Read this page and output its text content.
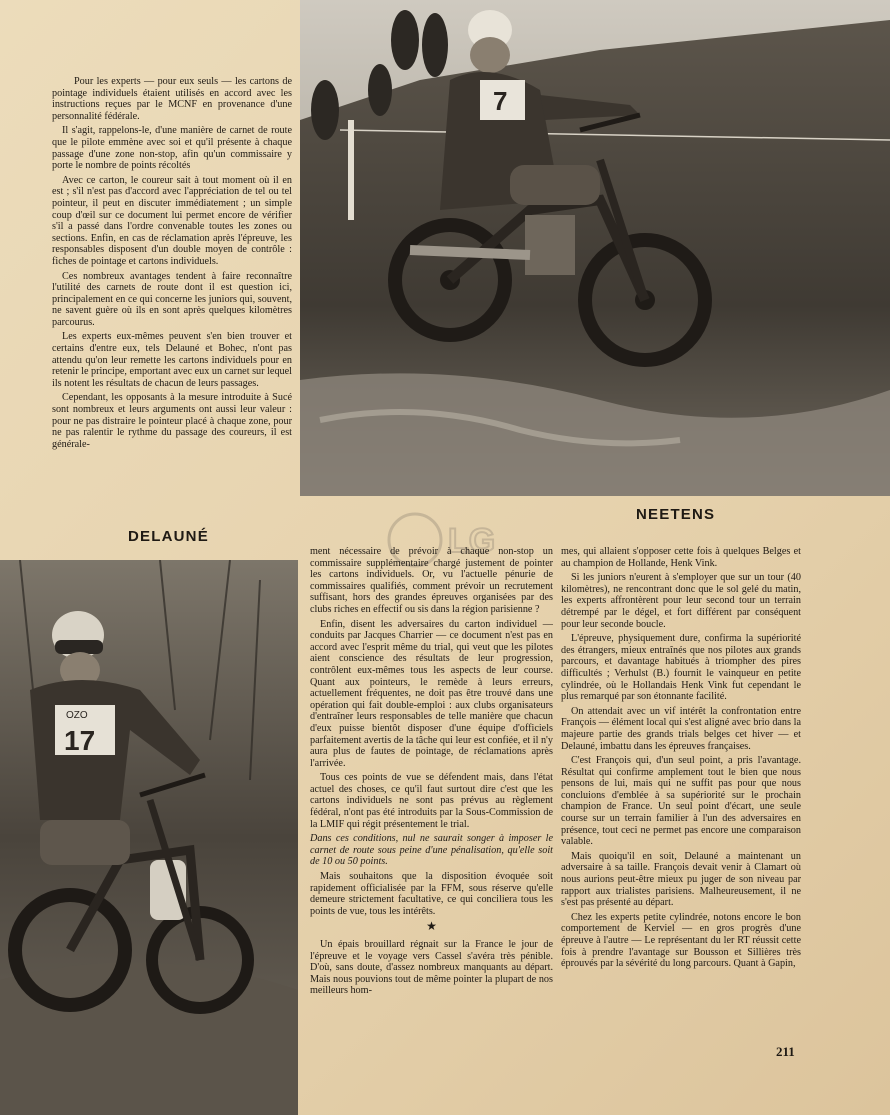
7

Pour les experts — pour eux seuls — les cartons de pointage individuels étaient utilisés en accord avec les instructions reçues par le MCNF en provenance d'une personnalité fédérale.

Il s'agit, rappelons-le, d'une manière de carnet de route que le pilote emmène avec soi et qu'il présente à chaque passage d'une zone non-stop, afin qu'un commissaire y porte le nombre de points récoltés

Avec ce carton, le coureur sait à tout moment où il en est ; s'il n'est pas d'accord avec l'appréciation de tel ou tel pointeur, il peut en discuter immédiatement ; un simple coup d'œil sur ce document lui permet encore de vérifier s'il a passé dans l'ordre convenable toutes les zones ou sections. Enfin, en cas de réclamation après l'épreuve, les responsables disposent d'un double moyen de contrôle : fiches de pointage et cartons individuels.

Ces nombreux avantages tendent à faire reconnaître l'utilité des carnets de route dont il est question ici, principalement en ce qui concerne les juniors qui, souvent, ne savent guère où ils en sont après quelques kilomètres parcourus.

Les experts eux-mêmes peuvent s'en bien trouver et certains d'entre eux, tels Delauné et Bohec, n'ont pas attendu qu'on leur remette les cartons individuels pour en retenir le principe, emportant avec eux un carnet sur lequel ils notent les résultats de chacun de leurs passages.

Cependant, les opposants à la mesure introduite à Sucé sont nombreux et leurs arguments ont aussi leur valeur : pour ne pas distraire le pointeur placé à chaque zone, pour ne pas ralentir le rythme du passage des coureurs, il est générale-

DELAUNÉ
NEETENS
LG
OZO
17

ment nécessaire de prévoir à chaque non-stop un commissaire supplémentaire chargé justement de pointer les cartons individuels. Or, vu l'actuelle pénurie de commissaires qualifiés, comment prévoir un recrutement suffisant, hors des grandes épreuves organisées par des clubs riches en effectif ou sis dans la région parisienne ?

Enfin, disent les adversaires du carton individuel — conduits par Jacques Charrier — ce document n'est pas en accord avec l'esprit même du trial, qui veut que les pilotes aient conscience des résultats de leur progression, contrôlent eux-mêmes tous les aspects de leur course. Quant aux pointeurs, le remède à leurs erreurs, actuellement fréquentes, ne doit pas être trouvé dans une opération qui fait double-emploi : aux clubs organisateurs d'entraîner leurs responsables de telle manière que chacun d'eux puisse bientôt disposer d'une équipe d'officiels parfaitement avertis de la tâche qui leur est confiée, et il n'y aura plus de fautes de pointage, de réclamations après l'arrivée.

Tous ces points de vue se défendent mais, dans l'état actuel des choses, ce qu'il faut surtout dire c'est que les cartons individuels ne sont pas prévus au règlement fédéral, n'ont pas été introduits par la Sous-Commission de la LMIF qui régit présentement le trial.

Dans ces conditions, nul ne saurait songer à imposer le carnet de route sous peine d'une pénalisation, qu'elle soit de 10 ou 50 points.

Mais souhaitons que la disposition évoquée soit rapidement officialisée par la FFM, sous réserve qu'elle demeure strictement facultative, ce qui conciliera tous les points de vue, tous les intérêts.

★

Un épais brouillard régnait sur la France le jour de l'épreuve et le voyage vers Cassel s'avéra très pénible. D'où, sans doute, d'assez nombreux manquants au départ. Mais nous pouvions tout de même pointer la plupart de nos meilleurs hom-

mes, qui allaient s'opposer cette fois à quelques Belges et au champion de Hollande, Henk Vink.

Si les juniors n'eurent à s'employer que sur un tour (40 kilomètres), ne rencontrant donc que le sol gelé du matin, les experts affrontèrent pour leur second tour un terrain détrempé par le dégel, et fort différent par conséquent pour leur seconde boucle.

L'épreuve, physiquement dure, confirma la supériorité des étrangers, mieux entraînés que nos pilotes aux grands parcours, et davantage habitués à triompher des pires difficultés ; Verhulst (B.) fournit le vainqueur en petite cylindrée, où le Hollandais Henk Vink fut cependant le plus remarqué par son étonnante facilité.

On attendait avec un vif intérêt la confrontation entre François — élément local qui s'est aligné avec brio dans la majeure partie des grands trials belges cet hiver — et Delauné, imbattu dans les épreuves françaises.

C'est François qui, d'un seul point, a pris l'avantage. Résultat qui confirme amplement tout le bien que nous pensons de lui, mais qui ne suffit pas pour que nous concluions d'emblée à sa supériorité sur le prochain champion de France. Un seul point d'écart, une seule course sur un terrain familier à l'un des adversaires en présence, tout ceci ne permet pas encore une comparaison valable.

Mais quoiqu'il en soit, Delauné a maintenant un adversaire à sa taille. François devait venir à Clamart où nous aurions peut-être mieux pu juger de son niveau par rapport aux trialistes parisiens. Malheureusement, il ne s'est pas présenté au départ.

Chez les experts petite cylindrée, notons encore le bon comportement de Kerviel — en gros progrès d'une épreuve à l'autre — Le représentant du ler RT réussit cette fois à prendre l'avantage sur Bousson et Sillières très éprouvés par la sévérité du long parcours. Quant à Gapin,

211
